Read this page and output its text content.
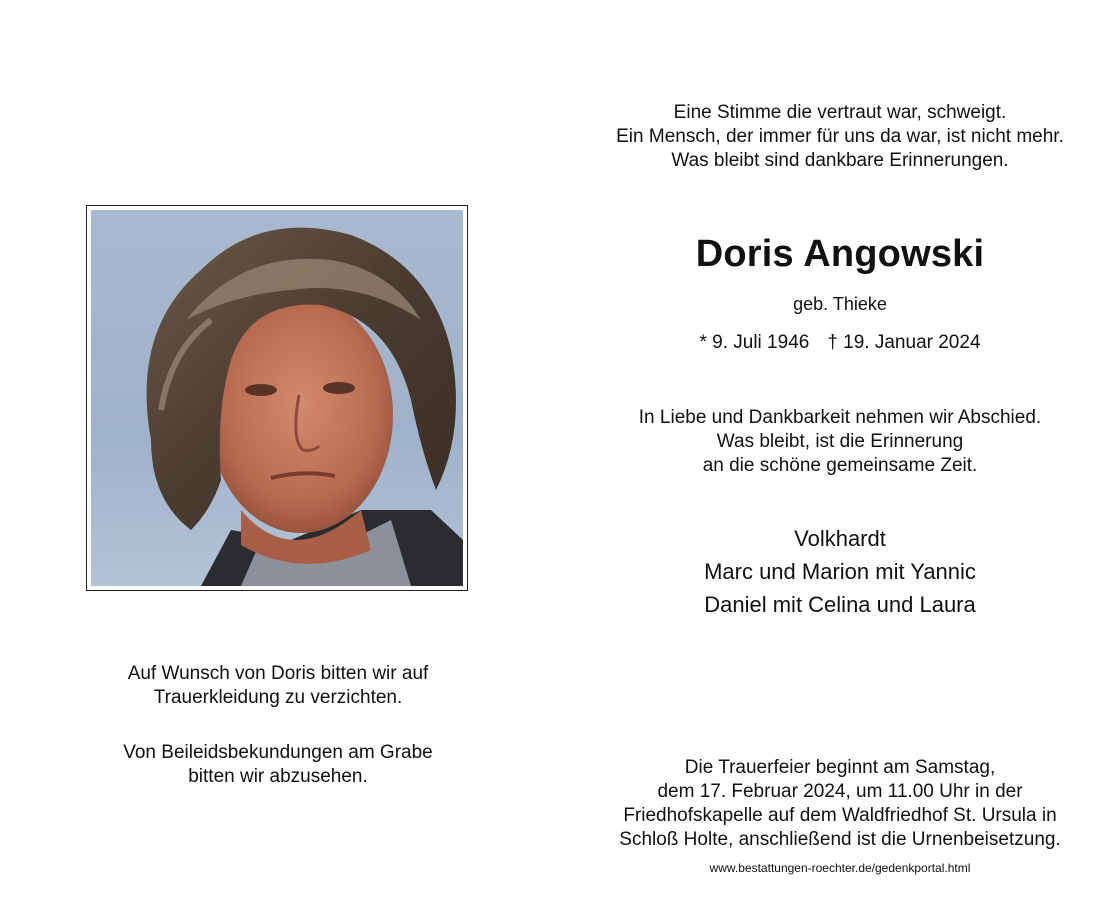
Eine Stimme die vertraut war, schweigt.
Ein Mensch, der immer für uns da war, ist nicht mehr.
Was bleibt sind dankbare Erinnerungen.
Doris Angowski
geb. Thieke
* 9. Juli 1946 † 19. Januar 2024
In Liebe und Dankbarkeit nehmen wir Abschied.
Was bleibt, ist die Erinnerung
an die schöne gemeinsame Zeit.
Volkhardt
Marc und Marion mit Yannic
Daniel mit Celina und Laura
Auf Wunsch von Doris bitten wir auf
Trauerkleidung zu verzichten.
Von Beileidsbekundungen am Grabe
bitten wir abzusehen.	Die Trauerfeier beginnt am Samstag,
dem 17. Februar 2024, um 11.00 Uhr in der
Friedhofskapelle auf dem Waldfriedhof St. Ursula in
Schloß Holte, anschließend ist die Urnenbeisetzung.
www.bestattungen-roechter.de/gedenkportal.html
